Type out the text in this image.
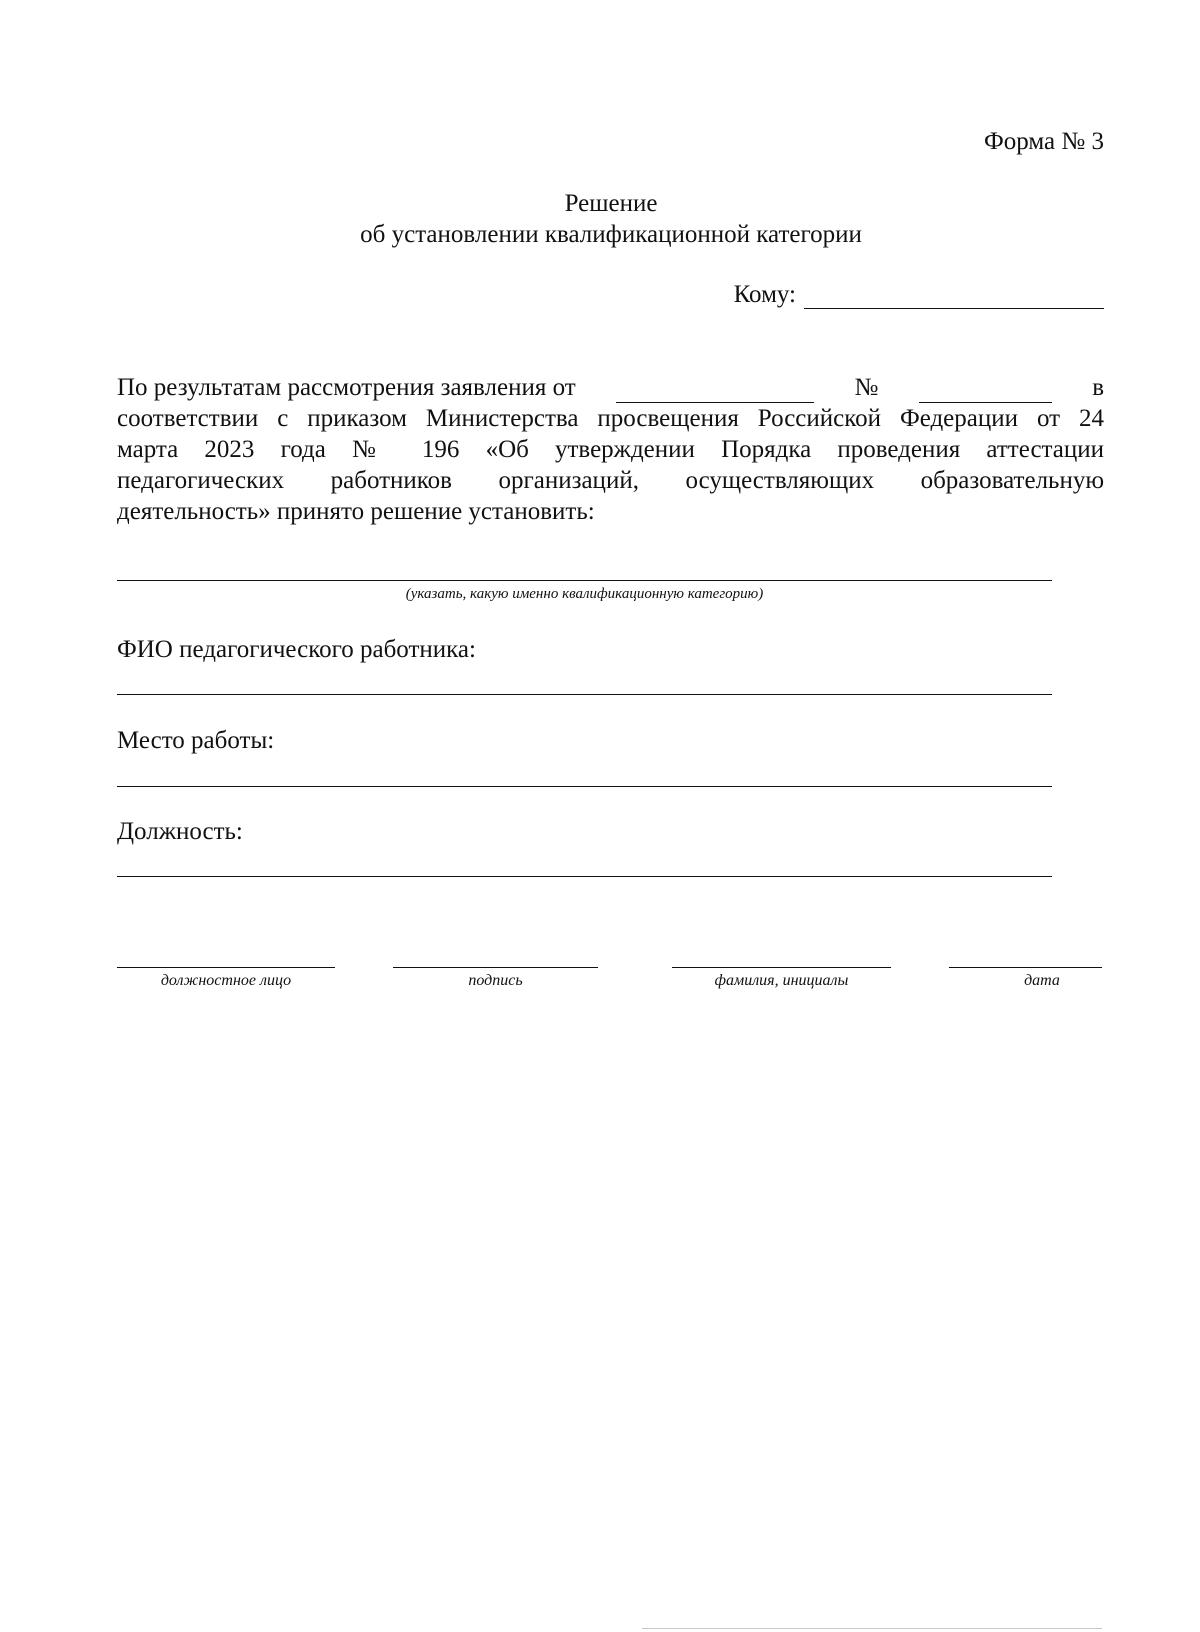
Форма № 3
Решение
об установлении квалификационной категории
Кому:
По результатам рассмотрения заявления от	№	в
соответствии с приказом Министерства просвещения Российской Федерации от 24
марта 2023 года № 196 «Об утверждении Порядка проведения аттестации
педагогических работников организаций, осуществляющих образовательную
деятельность» принято решение установить:
(указать, какую именно квалификационную категорию)
ФИО педагогического работника:
Место работы:
Должность:
должностное лицо	подпись	фамилия, инициалы	дата
